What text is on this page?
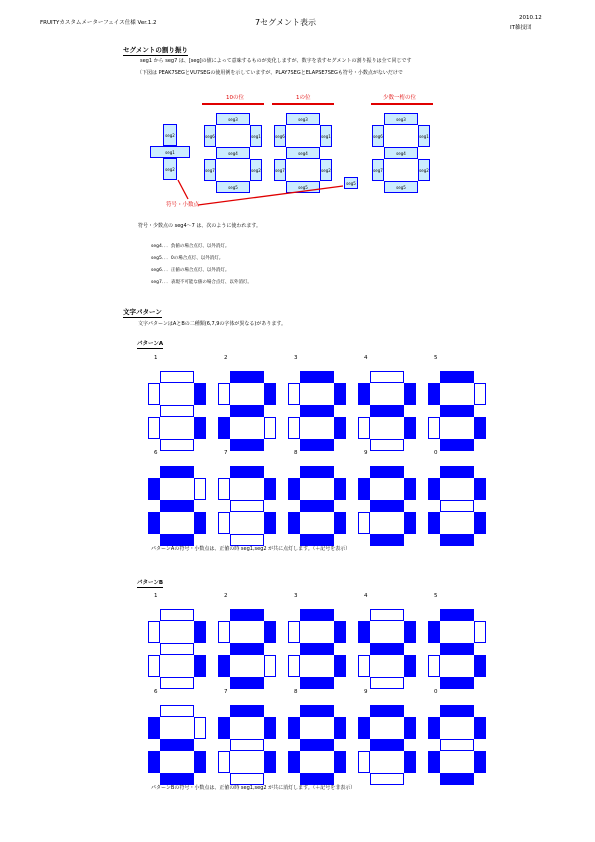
FRUITYカスタムメーターフェイス仕様 Ver.1.2	7セグメント表示	2010.12
IT雑技団
セグメントの割り振り
seg1 から seg7 は、[seg]の値によって意味するものが変化しますが、数字を表すセグメントの割り振りは全て同じです
（下図は PEAK7SEGとVU7SEGの使用例を示していますが、PLAY7SEGとELAPSE7SEGも符号・小数点がないだけで
10の位	1の位	少数一桁の位
符号・小数点
seg2
seg1
seg2
seg3
seg6	seg1
seg4
seg7	seg2
seg5
seg3
seg6	seg1
seg4
seg7	seg2
seg5
seg5
seg3
seg6	seg1
seg4
seg7	seg2
seg5
符号・少数点の seg4～7 は、次のように使われます。
seg4．．．負値の場合点灯、以外消灯。
seg5．．．0の場合点灯、以外消灯。
seg6．．．正値の場合点灯、以外消灯。
seg7．．．表現不可能な値の場合点灯、以外消灯。
文字パターン
文字パターンはAとBの二種類(6,7,9の字体が異なる)があります。
パターンA
パターンB
1	2	3	4	5
6	7	8	9	0
1	2	3	4	5
6	7	8	9	0
パターンAの符号・小数点は、正値の時 seg1,seg2 が共に点灯します。（＋記号を表示）
パターンBの符号・小数点は、正値の時 seg1,seg2 が共に消灯します。（＋記号を非表示）
